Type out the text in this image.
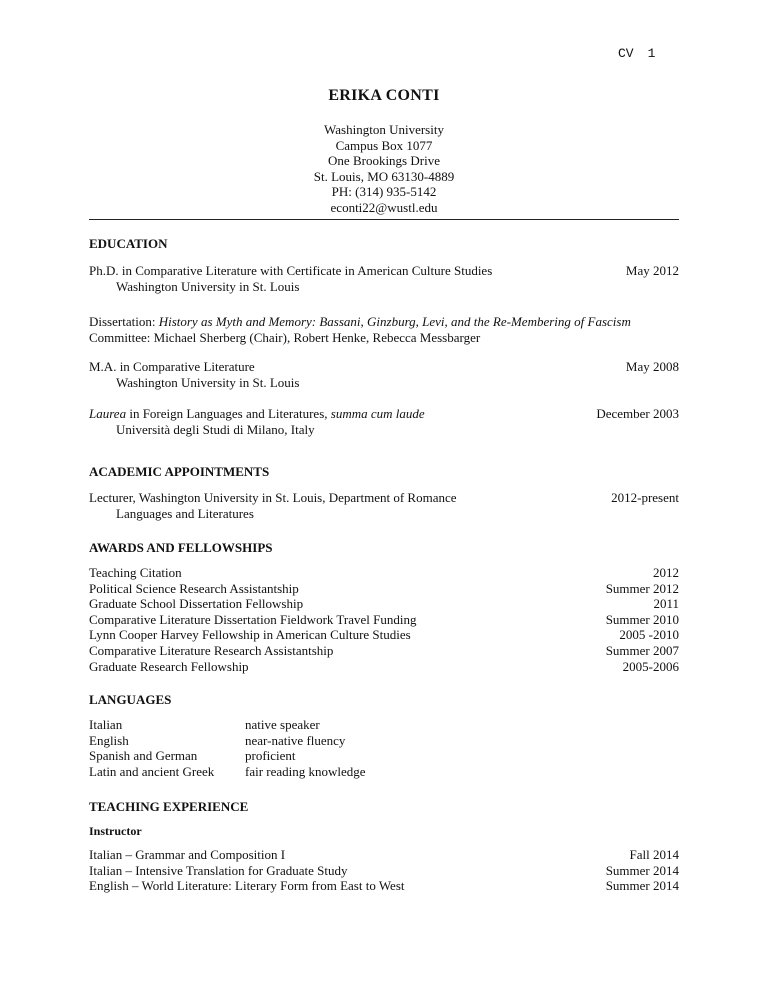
CV 1
ERIKA CONTI
Washington University
Campus Box 1077
One Brookings Drive
St. Louis, MO 63130-4889
PH: (314) 935-5142
econti22@wustl.edu
EDUCATION
Ph.D. in Comparative Literature with Certificate in American Culture Studies
Washington University in St. Louis
May 2012
Dissertation: History as Myth and Memory: Bassani, Ginzburg, Levi, and the Re-Membering of Fascism
Committee: Michael Sherberg (Chair), Robert Henke, Rebecca Messbarger
M.A. in Comparative Literature
Washington University in St. Louis
May 2008
Laurea in Foreign Languages and Literatures, summa cum laude
Università degli Studi di Milano, Italy
December 2003
ACADEMIC APPOINTMENTS
Lecturer, Washington University in St. Louis, Department of Romance
Languages and Literatures
2012-present
AWARDS AND FELLOWSHIPS
Teaching Citation
Political Science Research Assistantship
Graduate School Dissertation Fellowship
Comparative Literature Dissertation Fieldwork Travel Funding
Lynn Cooper Harvey Fellowship in American Culture Studies
Comparative Literature Research Assistantship
Graduate Research Fellowship
2012
Summer 2012
2011
Summer 2010
2005 -2010
Summer 2007
2005-2006
LANGUAGES
Italian
English
Spanish and German
Latin and ancient Greek
native speaker
near-native fluency
proficient
fair reading knowledge
TEACHING EXPERIENCE
Instructor
Italian – Grammar and Composition I
Italian – Intensive Translation for Graduate Study
English – World Literature: Literary Form from East to West
Fall 2014
Summer 2014
Summer 2014
